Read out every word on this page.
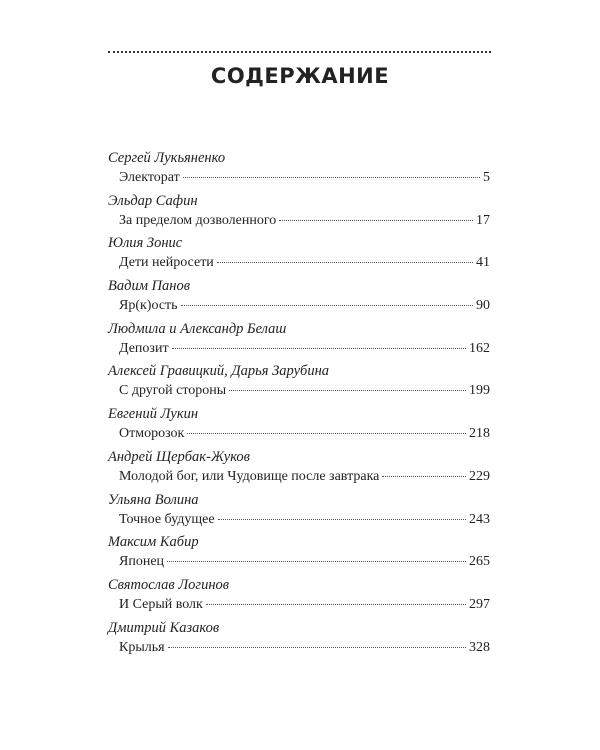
СОДЕРЖАНИЕ
Сергей Лукьяненко
Электорат	5
Эльдар Сафин
За пределом дозволенного	17
Юлия Зонис
Дети нейросети	41
Вадим Панов
Яр(к)ость	90
Людмила и Александр Белаш
Депозит	162
Алексей Гравицкий, Дарья Зарубина
С другой стороны	199
Евгений Лукин
Отморозок	218
Андрей Щербак-Жуков
Молодой бог, или Чудовище после завтрака	229
Ульяна Волина
Точное будущее	243
Максим Кабир
Японец	265
Святослав Логинов
И Серый волк	297
Дмитрий Казаков
Крылья	328
